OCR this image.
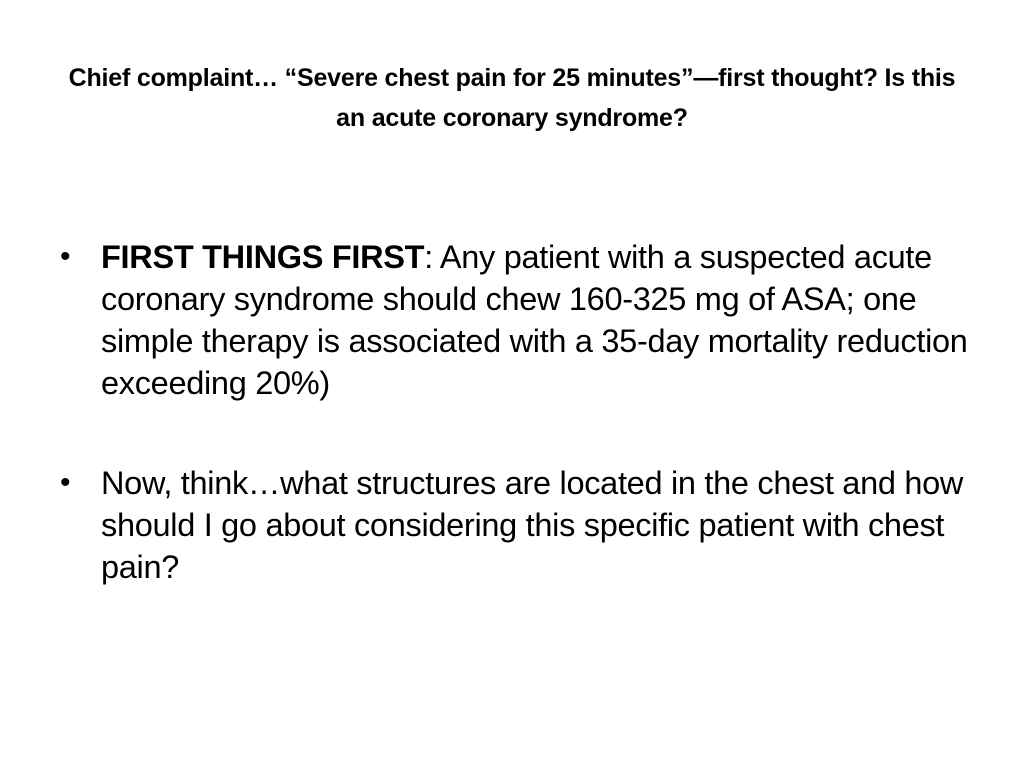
Chief complaint… “Severe chest pain for 25 minutes”—first thought? Is this an acute coronary syndrome?
• FIRST THINGS FIRST: Any patient with a suspected acute coronary syndrome should chew 160-325 mg of ASA; one simple therapy is associated with a 35-day mortality reduction exceeding 20%)
• Now, think…what structures are located in the chest and how should I go about considering this specific patient with chest pain?
